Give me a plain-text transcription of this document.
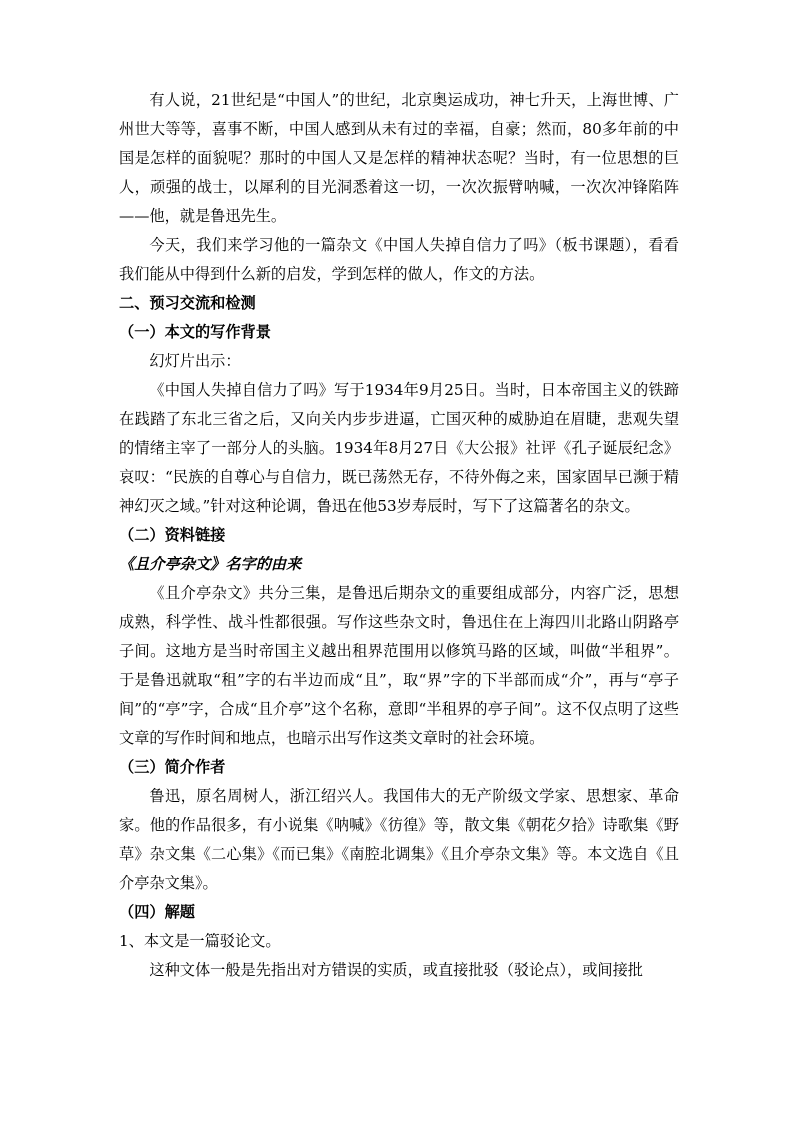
有人说，21世纪是“中国人”的世纪，北京奥运成功，神七升天，上海世博、广州世大等等，喜事不断，中国人感到从未有过的幸福，自豪；然而，80多年前的中国是怎样的面貌呢？那时的中国人又是怎样的精神状态呢？当时，有一位思想的巨人，顽强的战士，以犀利的目光洞悉着这一切，一次次振臂呐喊，一次次冲锋陷阵——他，就是鲁迅先生。

今天，我们来学习他的一篇杂文《中国人失掉自信力了吗》（板书课题），看看我们能从中得到什么新的启发，学到怎样的做人，作文的方法。

二、预习交流和检测

（一）本文的写作背景

幻灯片出示：

《中国人失掉自信力了吗》写于1934年9月25日。当时，日本帝国主义的铁蹄在践踏了东北三省之后，又向关内步步进逼，亡国灭种的威胁迫在眉睫，悲观失望的情绪主宰了一部分人的头脑。1934年8月27日《大公报》社评《孔子诞辰纪念》哀叹：“民族的自尊心与自信力，既已荡然无存，不待外侮之来，国家固早已濒于精神幻灭之域。”针对这种论调，鲁迅在他53岁寿辰时，写下了这篇著名的杂文。

（二）资料链接

《且介亭杂文》名字的由来

《且介亭杂文》共分三集，是鲁迅后期杂文的重要组成部分，内容广泛，思想成熟，科学性、战斗性都很强。写作这些杂文时，鲁迅住在上海四川北路山阴路亭子间。这地方是当时帝国主义越出租界范围用以修筑马路的区域，叫做“半租界”。于是鲁迅就取“租”字的右半边而成“且”，取“界”字的下半部而成“介”，再与“亭子间”的“亭”字，合成“且介亭”这个名称，意即“半租界的亭子间”。这不仅点明了这些文章的写作时间和地点，也暗示出写作这类文章时的社会环境。

（三）简介作者

鲁迅，原名周树人，浙江绍兴人。我国伟大的无产阶级文学家、思想家、革命家。他的作品很多，有小说集《呐喊》《彷徨》等，散文集《朝花夕拾》诗歌集《野草》杂文集《二心集》《而已集》《南腔北调集》《且介亭杂文集》等。本文选自《且介亭杂文集》。

（四）解题

1、本文是一篇驳论文。

这种文体一般是先指出对方错误的实质，或直接批驳（驳论点），或间接批
